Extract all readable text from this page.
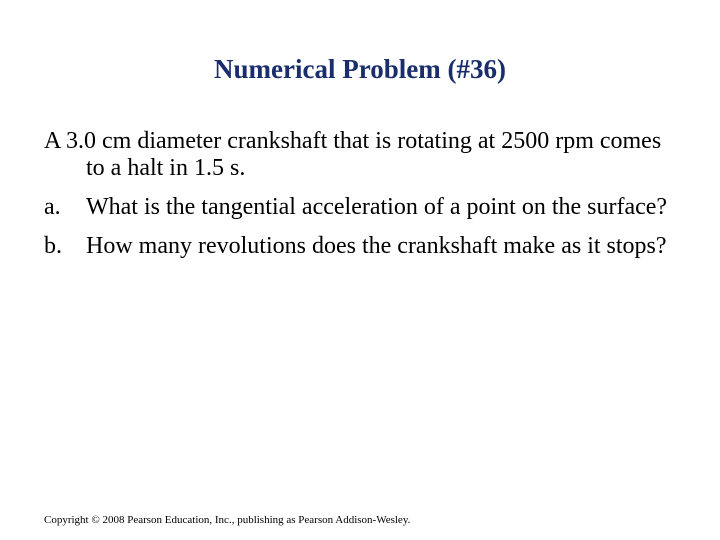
Numerical Problem (#36)

A 3.0 cm diameter crankshaft that is rotating at 2500 rpm comes to a halt in 1.5 s.

a. What is the tangential acceleration of a point on the surface?

b. How many revolutions does the crankshaft make as it stops?

Copyright © 2008 Pearson Education, Inc., publishing as Pearson Addison-Wesley.
